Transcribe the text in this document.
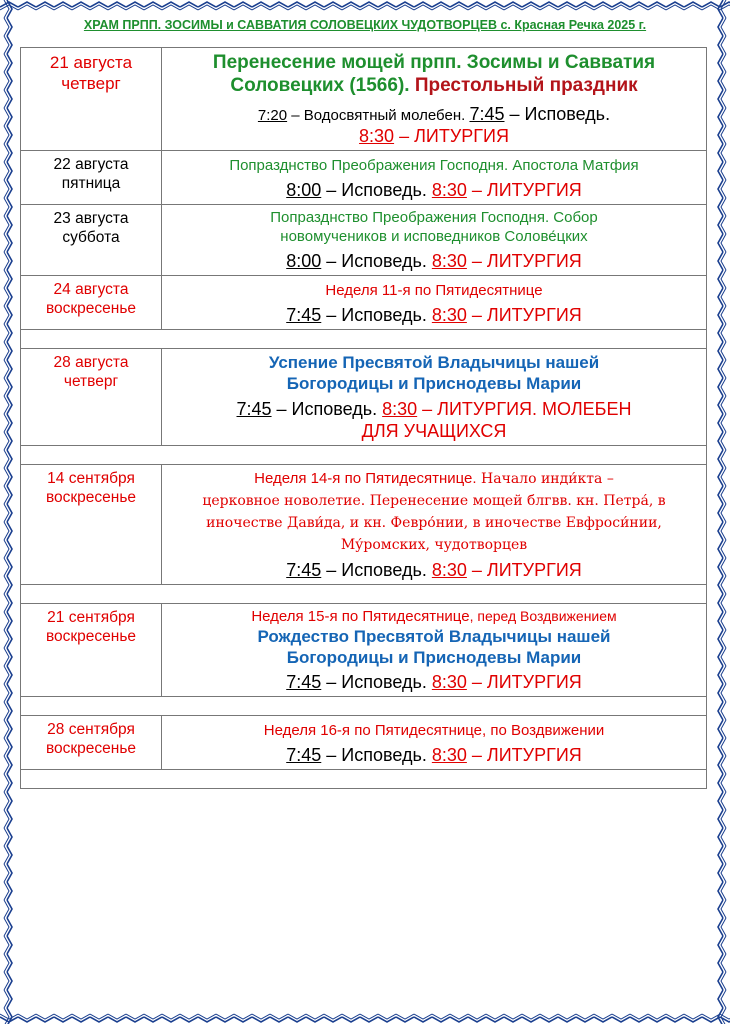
ХРАМ ПРПП. ЗОСИМЫ и САВВАТИЯ СОЛОВЕЦКИХ ЧУДОТВОРЦЕВ с. Красная Речка 2025 г.
21 августа
четверг	Перенесение мощей прпп. Зосимы и Савватия
Соловецких (1566). Престольный праздник
7:20 – Водосвятный молебен. 7:45 – Исповедь.
8:30 – ЛИТУРГИЯ

22 августа
пятница	Попразднство Преображения Господня. Апостола Матфия
8:00 – Исповедь. 8:30 – ЛИТУРГИЯ

23 августа
суббота	Попразднство Преображения Господня. Собор
новомучеников и исповедников Солове́цких
8:00 – Исповедь. 8:30 – ЛИТУРГИЯ

24 августа
воскресенье	Неделя 11-я по Пятидесятнице
7:45 – Исповедь. 8:30 – ЛИТУРГИЯ

28 августа
четверг	Успение Пресвятой Владычицы нашей
Богородицы и Приснодевы Марии
7:45 – Исповедь. 8:30 – ЛИТУРГИЯ. МОЛЕБЕН
ДЛЯ УЧАЩИХСЯ

14 сентября
воскресенье	Неделя 14-я по Пятидесятнице. Начало инди́кта –
церковное новолетие. Перенесение мощей блгвв. кн. Петра́, в
иночестве Дави́да, и кн. Февро́нии, в иночестве Евфроси́нии,
Му́ромских, чудотворцев
7:45 – Исповедь. 8:30 – ЛИТУРГИЯ

21 сентября
воскресенье	Неделя 15-я по Пятидесятнице, перед Воздвижением
Рождество Пресвятой Владычицы нашей
Богородицы и Приснодевы Марии
7:45 – Исповедь. 8:30 – ЛИТУРГИЯ

28 сентября
воскресенье	Неделя 16-я по Пятидесятнице, по Воздвижении
7:45 – Исповедь. 8:30 – ЛИТУРГИЯ
